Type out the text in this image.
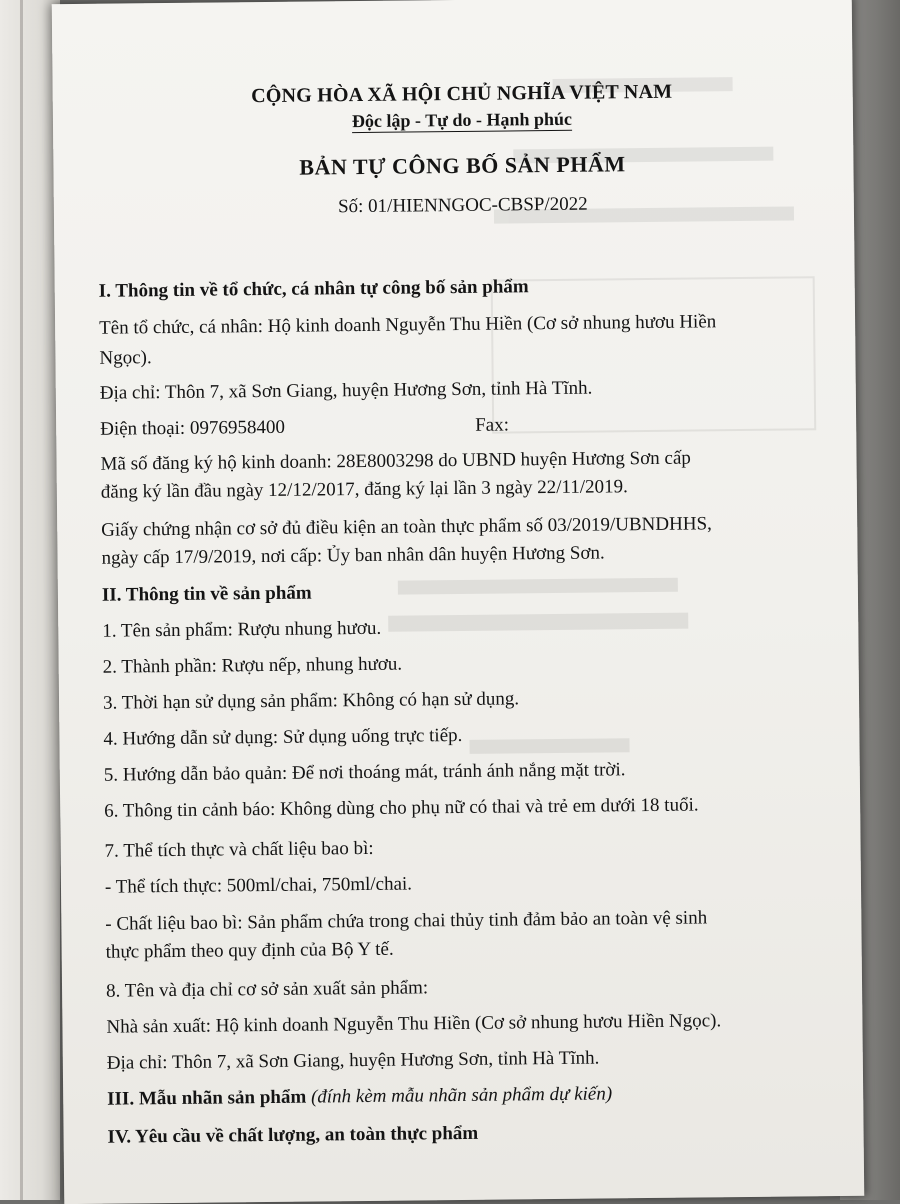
CỘNG HÒA XÃ HỘI CHỦ NGHĨA VIỆT NAM
Độc lập - Tự do - Hạnh phúc
BẢN TỰ CÔNG BỐ SẢN PHẨM
Số: 01/HIENNGOC-CBSP/2022
I. Thông tin về tổ chức, cá nhân tự công bố sản phẩm
Tên tổ chức, cá nhân: Hộ kinh doanh Nguyễn Thu Hiền (Cơ sở nhung hươu Hiền
Ngọc).
Địa chỉ: Thôn 7, xã Sơn Giang, huyện Hương Sơn, tỉnh Hà Tĩnh.
Điện thoại: 0976958400	Fax:
Mã số đăng ký hộ kinh doanh: 28E8003298 do UBND huyện Hương Sơn cấp
đăng ký lần đầu ngày 12/12/2017, đăng ký lại lần 3 ngày 22/11/2019.
Giấy chứng nhận cơ sở đủ điều kiện an toàn thực phẩm số 03/2019/UBNDHHS,
ngày cấp 17/9/2019, nơi cấp: Ủy ban nhân dân huyện Hương Sơn.
II. Thông tin về sản phẩm
1. Tên sản phẩm: Rượu nhung hươu.
2. Thành phần: Rượu nếp, nhung hươu.
3. Thời hạn sử dụng sản phẩm: Không có hạn sử dụng.
4. Hướng dẫn sử dụng: Sử dụng uống trực tiếp.
5. Hướng dẫn bảo quản: Để nơi thoáng mát, tránh ánh nắng mặt trời.
6. Thông tin cảnh báo: Không dùng cho phụ nữ có thai và trẻ em dưới 18 tuổi.
7. Thể tích thực và chất liệu bao bì:
- Thể tích thực: 500ml/chai, 750ml/chai.
- Chất liệu bao bì: Sản phẩm chứa trong chai thủy tinh đảm bảo an toàn vệ sinh
thực phẩm theo quy định của Bộ Y tế.
8. Tên và địa chỉ cơ sở sản xuất sản phẩm:
Nhà sản xuất: Hộ kinh doanh Nguyễn Thu Hiền (Cơ sở nhung hươu Hiền Ngọc).
Địa chỉ: Thôn 7, xã Sơn Giang, huyện Hương Sơn, tỉnh Hà Tĩnh.
III. Mẫu nhãn sản phẩm (đính kèm mẫu nhãn sản phẩm dự kiến)
IV. Yêu cầu về chất lượng, an toàn thực phẩm
